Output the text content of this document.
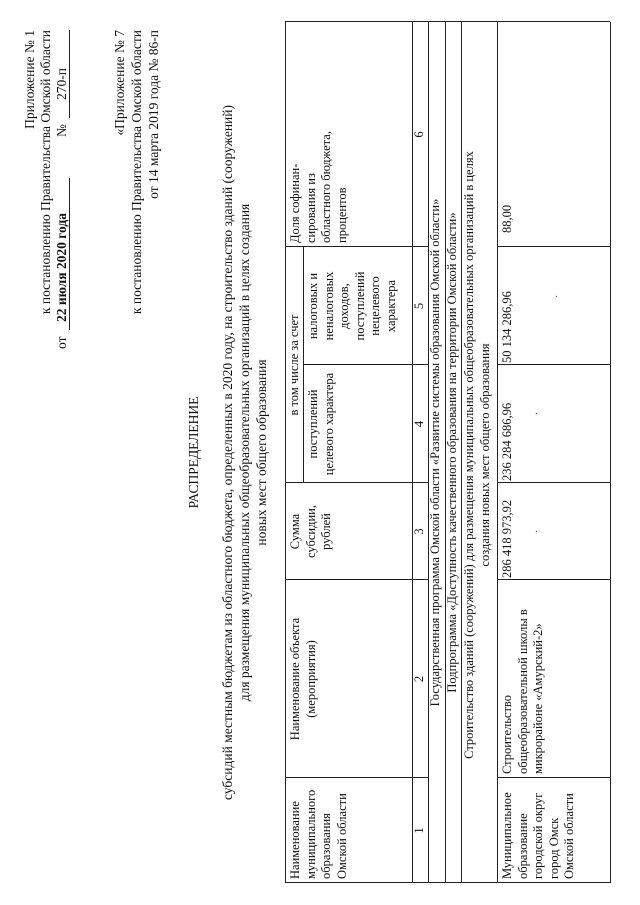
Приложение № 1 к постановлению Правительства Омской области
от
22 июля 2020 года
№
270-п	«Приложение № 7 к постановлению Правительства Омской области от 14 марта 2019 года № 86-п
РАСПРЕДЕЛЕНИЕ субсидий местным бюджетам из областного бюджета, определенных в 2020 году, на строительство зданий (сооружений) для размещения муниципальных общеобразовательных организаций в целях создания новых мест общего образования
Наименование муниципального образования Омской области
Наименование объекта (мероприятия)
Сумма субсидии, рублей
в том числе за счет
поступлений целевого характера
налоговых и неналоговых доходов, поступлений нецелевого характера
Доля софинан-сирования из областного бюджета, процентов
1
2
3
4
5
6
Государственная программа Омской области «Развитие системы образования Омской области» Подпрограмма «Доступность качественного образования на территории Омской области» Строительство зданий (сооружений) для размещения муниципальных общеобразовательных организаций в целях создания новых мест общего образования
Муниципальное образование городской округ город Омск Омской области
Строительство общеобразовательной школы в микрорайоне «Амурский-2»
286 418 973,92
236 284 686,96
50 134 286,96
88,00
·
·
·
